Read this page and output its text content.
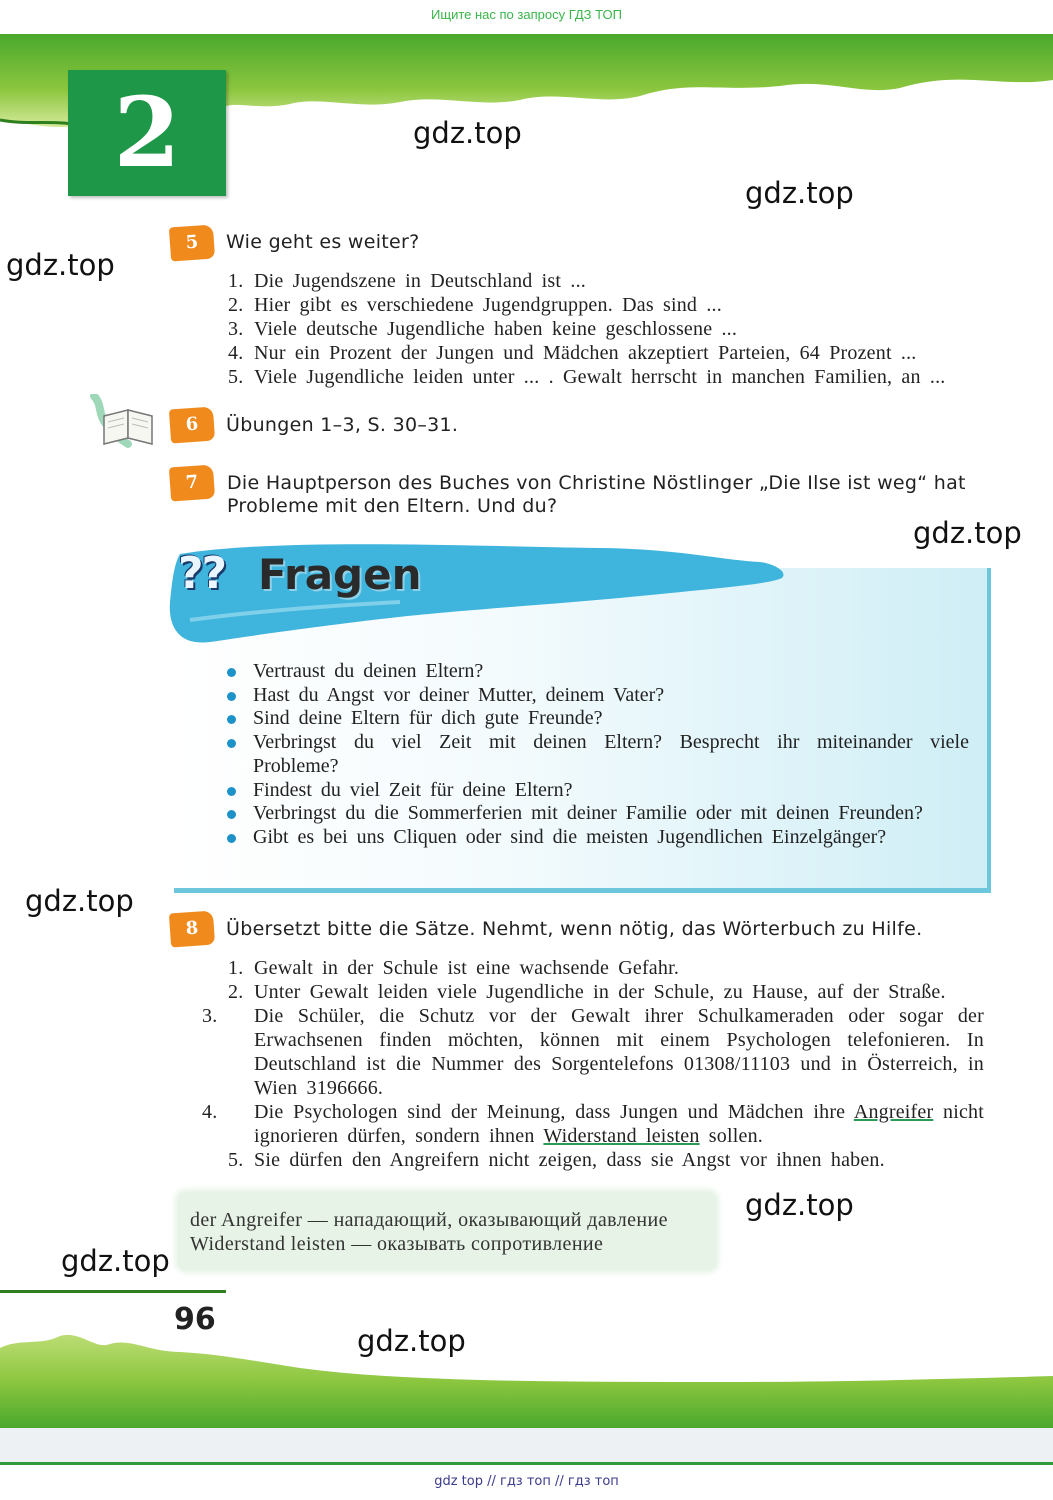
Ищите нас по запросу ГДЗ ТОП
2	gdz.top
gdz.top
gdz.top
gdz.top
gdz.top
gdz.top
gdz.top
gdz.top
5	Wie geht es weiter?
1. Die Jugendszene in Deutschland ist ...
2. Hier gibt es verschiedene Jugendgruppen. Das sind ...
3. Viele deutsche Jugendliche haben keine geschlossene ...
4. Nur ein Prozent der Jungen und Mädchen akzeptiert Parteien, 64 Prozent ...
5. Viele Jugendliche leiden unter ... . Gewalt herrscht in manchen Familien, an ...
6	Übungen 1–3, S. 30–31.
7	Die Hauptperson des Buches von Christine Nöstlinger „Die Ilse ist weg“ hat
Probleme mit den Eltern. Und du?
?? Fragen
Vertraust du deinen Eltern?
Hast du Angst vor deiner Mutter, deinem Vater?
Sind deine Eltern für dich gute Freunde?
Verbringst du viel Zeit mit deinen Eltern? Besprecht ihr miteinander viele Probleme?
Findest du viel Zeit für deine Eltern?
Verbringst du die Sommerferien mit deiner Familie oder mit deinen Freunden?
Gibt es bei uns Cliquen oder sind die meisten Jugendlichen Einzelgänger?
8	Übersetzt bitte die Sätze. Nehmt, wenn nötig, das Wörterbuch zu Hilfe.
1. Gewalt in der Schule ist eine wachsende Gefahr.
2. Unter Gewalt leiden viele Jugendliche in der Schule, zu Hause, auf der Straße.
3. Die Schüler, die Schutz vor der Gewalt ihrer Schulkameraden oder sogar der Erwachsenen finden möchten, können mit einem Psychologen telefonieren. In Deutschland ist die Nummer des Sorgentelefons 01308/11103 und in Österreich, in Wien 3196666.
4. Die Psychologen sind der Meinung, dass Jungen und Mädchen ihre Angreifer nicht ignorieren dürfen, sondern ihnen Widerstand leisten sollen.
5. Sie dürfen den Angreifern nicht zeigen, dass sie Angst vor ihnen haben.
der Angreifer — нападающий, оказывающий давление
Widerstand leisten — оказывать сопротивление
96
gdz top // гдз топ // гдз топ
